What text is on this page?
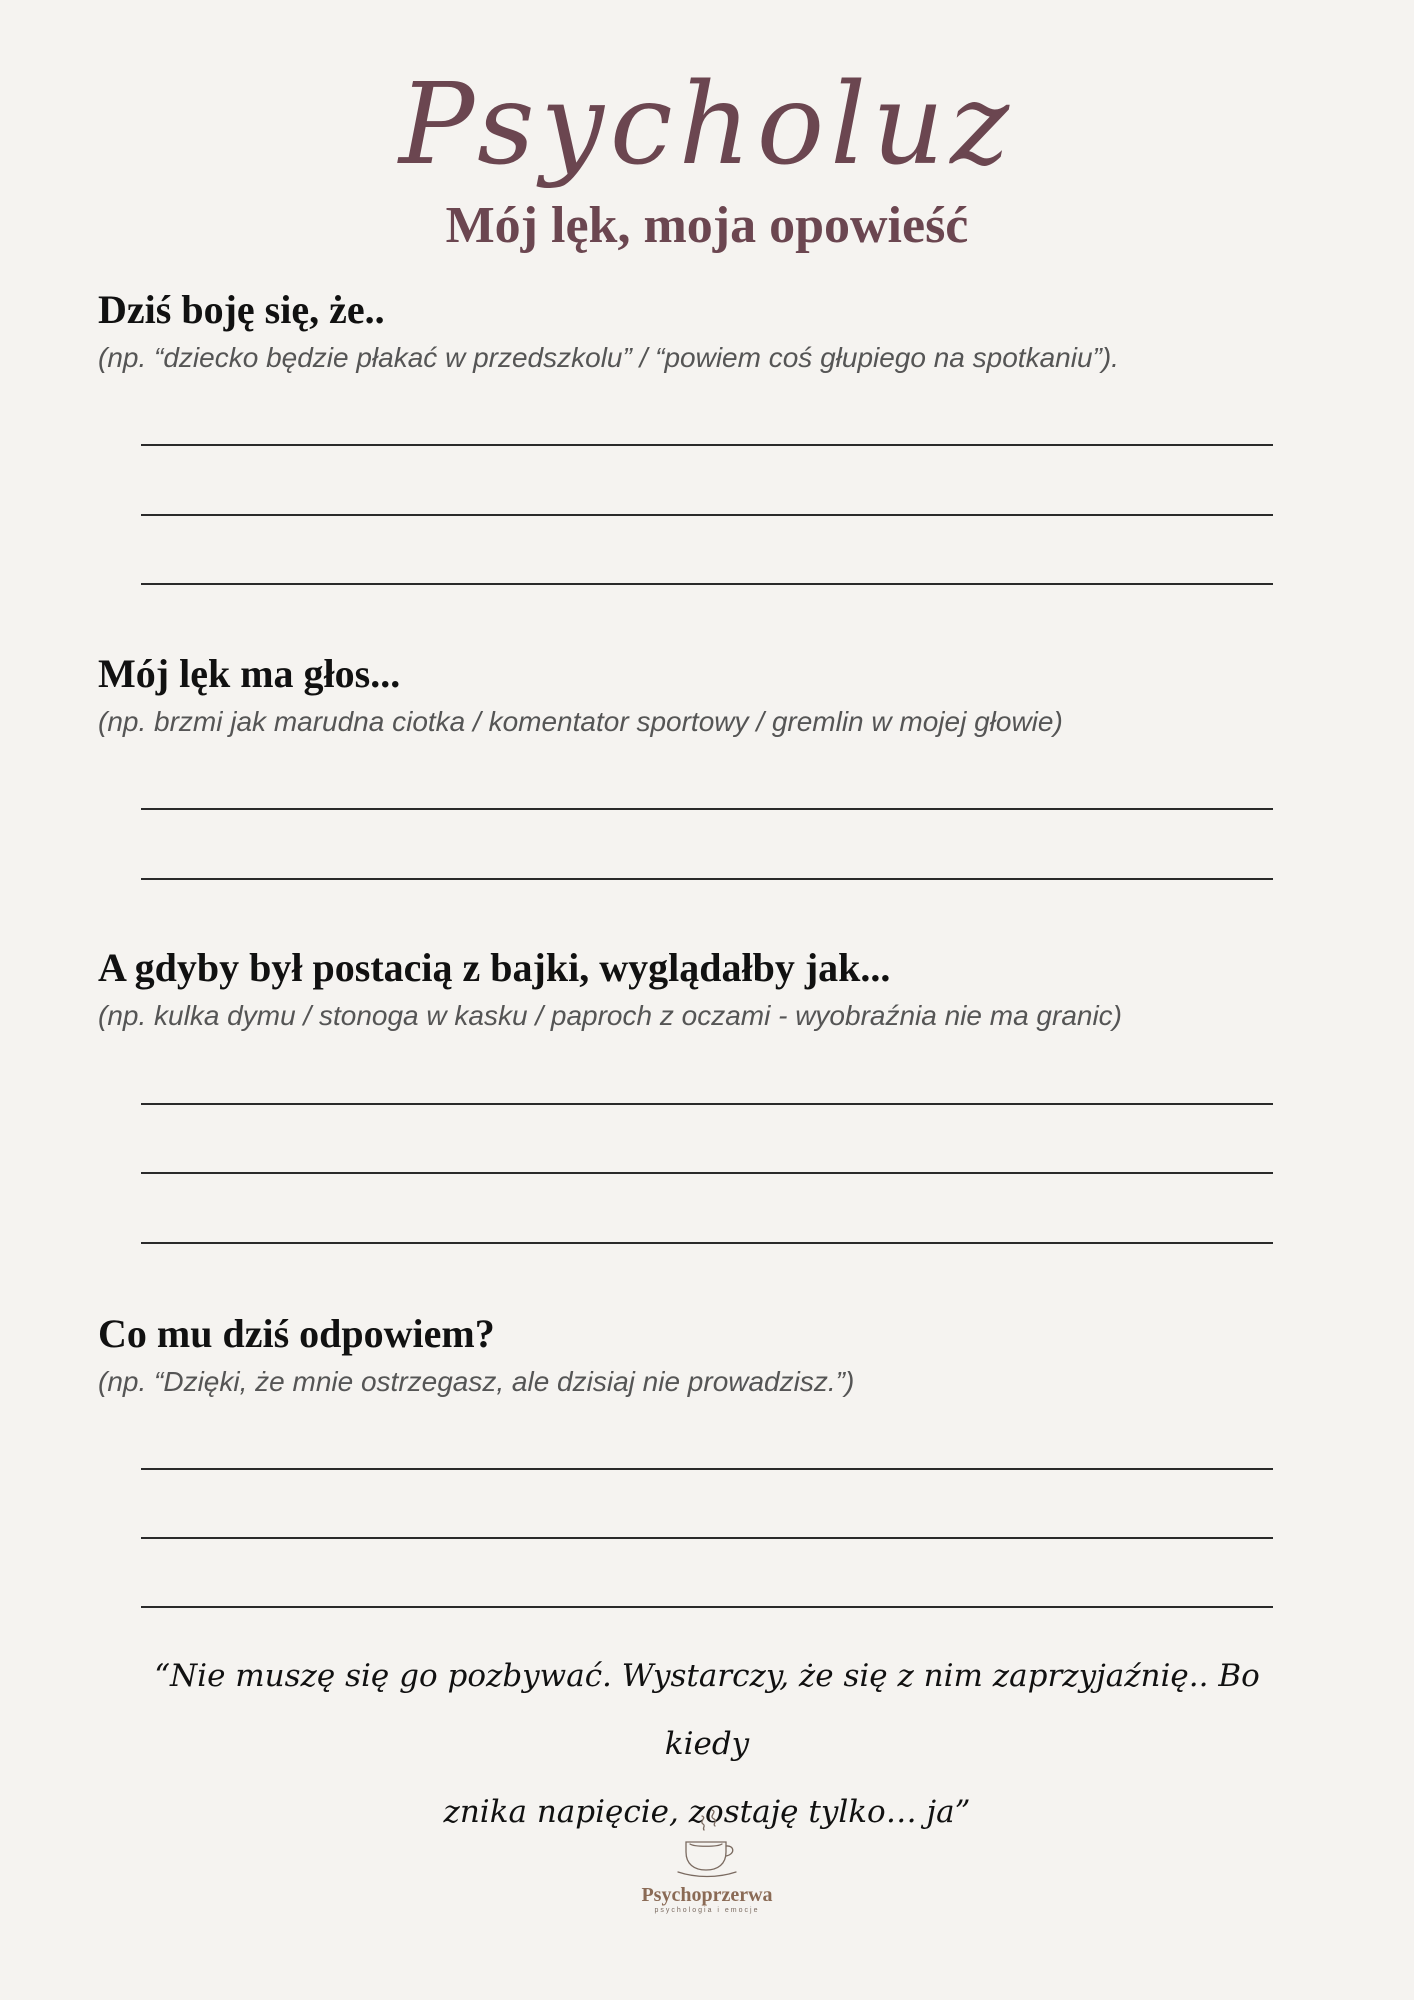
Psycholuz
Mój lęk, moja opowieść
Dziś boję się, że..
(np. “dziecko będzie płakać w przedszkolu” / “powiem coś głupiego na spotkaniu”).
Mój lęk ma głos...
(np. brzmi jak marudna ciotka / komentator sportowy / gremlin w mojej głowie)
A gdyby był postacią z bajki, wyglądałby jak...
(np. kulka dymu / stonoga w kasku / paproch z oczami - wyobraźnia nie ma granic)
Co mu dziś odpowiem?
(np. “Dzięki, że mnie ostrzegasz, ale dzisiaj nie prowadzisz.”)
“Nie muszę się go pozbywać. Wystarczy, że się z nim zaprzyjaźnię.. Bo kiedy
znika napięcie, zostaję tylko… ja”
Psychoprzerwa
psychologia i emocje
